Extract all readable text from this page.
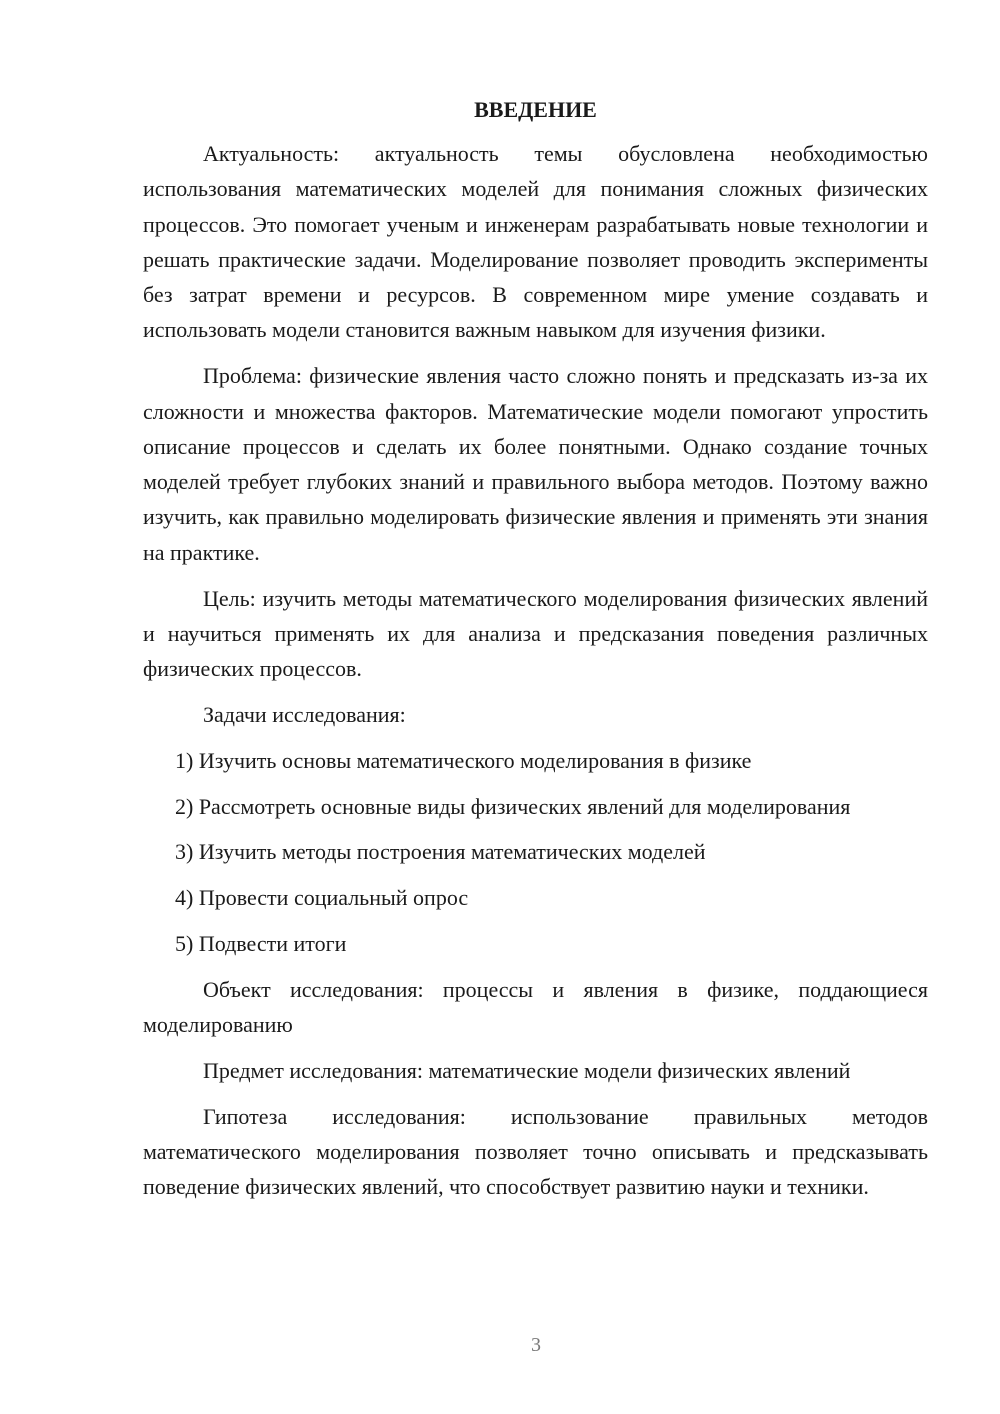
ВВЕДЕНИЕ

Актуальность: актуальность темы обусловлена необходимостью использования математических моделей для понимания сложных физических процессов. Это помогает ученым и инженерам разрабатывать новые технологии и решать практические задачи. Моделирование позволяет проводить эксперименты без затрат времени и ресурсов. В современном мире умение создавать и использовать модели становится важным навыком для изучения физики.

Проблема: физические явления часто сложно понять и предсказать из-за их сложности и множества факторов. Математические модели помогают упростить описание процессов и сделать их более понятными. Однако создание точных моделей требует глубоких знаний и правильного выбора методов. Поэтому важно изучить, как правильно моделировать физические явления и применять эти знания на практике.

Цель: изучить методы математического моделирования физических явлений и научиться применять их для анализа и предсказания поведения различных физических процессов.

Задачи исследования:

1) Изучить основы математического моделирования в физике

2) Рассмотреть основные виды физических явлений для моделирования

3) Изучить методы построения математических моделей

4) Провести социальный опрос

5) Подвести итоги

Объект исследования: процессы и явления в физике, поддающиеся моделированию

Предмет исследования: математические модели физических явлений

Гипотеза исследования: использование правильных методов математического моделирования позволяет точно описывать и предсказывать поведение физических явлений, что способствует развитию науки и техники.

3
